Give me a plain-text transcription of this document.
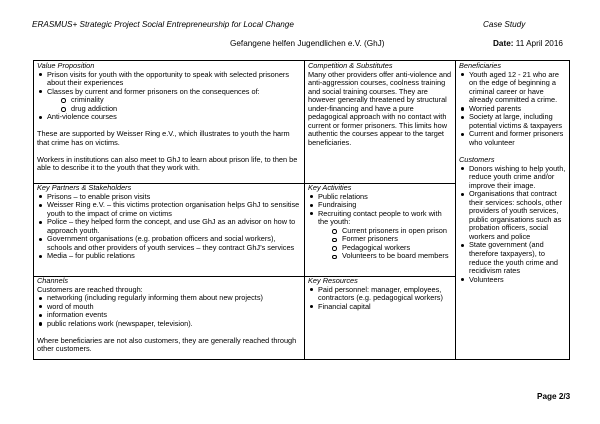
ERASMUS+ Strategic Project Social Entrepreneurship for Local Change	Case Study
Gefangene helfen Jugendlichen e.V. (GhJ)	Date: 11 April 2016
Value Proposition
Prison visits for youth with the opportunity to speak with selected prisoners about their experiences
Classes by current and former prisoners on the consequences of:
criminality
drug addiction
Anti-violence courses

These are supported by Weisser Ring e.V., which illustrates to youth the harm that crime has on victims.

Workers in institutions can also meet to GhJ to learn about prison life, to then be able to describe it to the youth that they work with.

Competition & Substitutes

Many other providers offer anti-violence and anti-aggression courses, coolness training and social training courses. They are however generally threatened by structural under-financing and have a pure pedagogical approach with no contact with current or former prisoners. This limits how authentic the courses appear to the target beneficiaries.

Beneficiaries
Youth aged 12 - 21 who are on the edge of beginning a criminal career or have already committed a crime.
Worried parents
Society at large, including potential victims & taxpayers
Current and former prisoners who volunteer
Customers
Donors wishing to help youth, reduce youth crime and/or improve their image.
Organisations that contract their services: schools, other providers of youth services, public organisations such as probation officers, social workers and police
State government (and therefore taxpayers), to reduce the youth crime and recidivism rates
Volunteers
Key Partners & Stakeholders
Prisons – to enable prison visits
Weisser Ring e.V. – this victims protection organisation helps GhJ to sensitise youth to the impact of crime on victims
Police – they helped form the concept, and use GhJ as an advisor on how to approach youth.
Government organisations (e.g. probation officers and social workers), schools and other providers of youth services – they contract GhJ’s services
Media – for public relations
Key Activities
Public relations
Fundraising
Recruiting contact people to work with the youth:
Current prisoners in open prison
Former prisoners
Pedagogical workers
Volunteers to be board members
Channels

Customers are reached through:

networking (including regularly informing them about new projects)
word of mouth
information events
public relations work (newspaper, television).

Where beneficiaries are not also customers, they are generally reached through other customers.

Key Resources
Paid personnel: manager, employees, contractors (e.g. pedagogical workers)
Financial capital
Page 2/3
